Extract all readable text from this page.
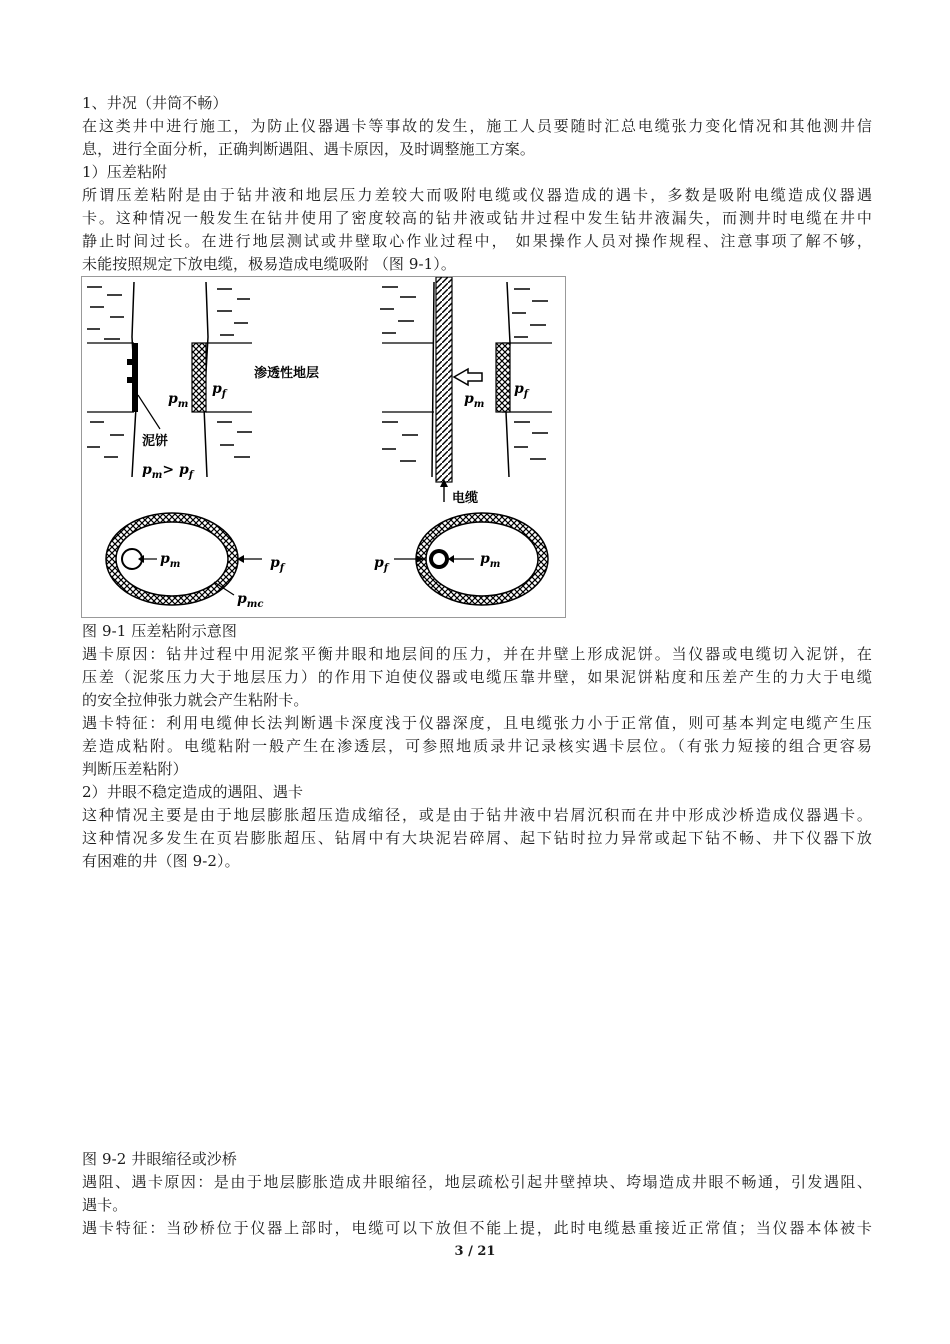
1、井况（井筒不畅）
在这类井中进行施工，为防止仪器遇卡等事故的发生，施工人员要随时汇总电缆张力变化情况和其他测井信
息，进行全面分析，正确判断遇阻、遇卡原因，及时调整施工方案。
1）压差粘附
所谓压差粘附是由于钻井液和地层压力差较大而吸附电缆或仪器造成的遇卡，多数是吸附电缆造成仪器遇
卡。这种情况一般发生在钻井使用了密度较高的钻井液或钻井过程中发生钻井液漏失，而测井时电缆在井中
静止时间过长。在进行地层测试或井壁取心作业过程中， 如果操作人员对操作规程、注意事项了解不够，
未能按照规定下放电缆，极易造成电缆吸附 （图 9-1）。
$p_m$
$p_f$
渗透性地层
泥饼
$p_m> p_f$
$p_m$
$p_f$
电缆
$p_m$	$p_f$
$p_{mc}$
$p_f$
$p_m$
图 9-1 压差粘附示意图
遇卡原因：钻井过程中用泥浆平衡井眼和地层间的压力，并在井壁上形成泥饼。当仪器或电缆切入泥饼，在
压差（泥浆压力大于地层压力）的作用下迫使仪器或电缆压靠井壁，如果泥饼粘度和压差产生的力大于电缆
的安全拉伸张力就会产生粘附卡。
遇卡特征：利用电缆伸长法判断遇卡深度浅于仪器深度，且电缆张力小于正常值，则可基本判定电缆产生压
差造成粘附。电缆粘附一般产生在渗透层，可参照地质录井记录核实遇卡层位。（有张力短接的组合更容易
判断压差粘附）
2）井眼不稳定造成的遇阻、遇卡
这种情况主要是由于地层膨胀超压造成缩径，或是由于钻井液中岩屑沉积而在井中形成沙桥造成仪器遇卡。
这种情况多发生在页岩膨胀超压、钻屑中有大块泥岩碎屑、起下钻时拉力异常或起下钻不畅、井下仪器下放
有困难的井（图 9-2）。
图 9-2 井眼缩径或沙桥
遇阻、遇卡原因：是由于地层膨胀造成井眼缩径，地层疏松引起井壁掉块、垮塌造成井眼不畅通，引发遇阻、
遇卡。
遇卡特征：当砂桥位于仪器上部时，电缆可以下放但不能上提，此时电缆悬重接近正常值；当仪器本体被卡
3 / 21
